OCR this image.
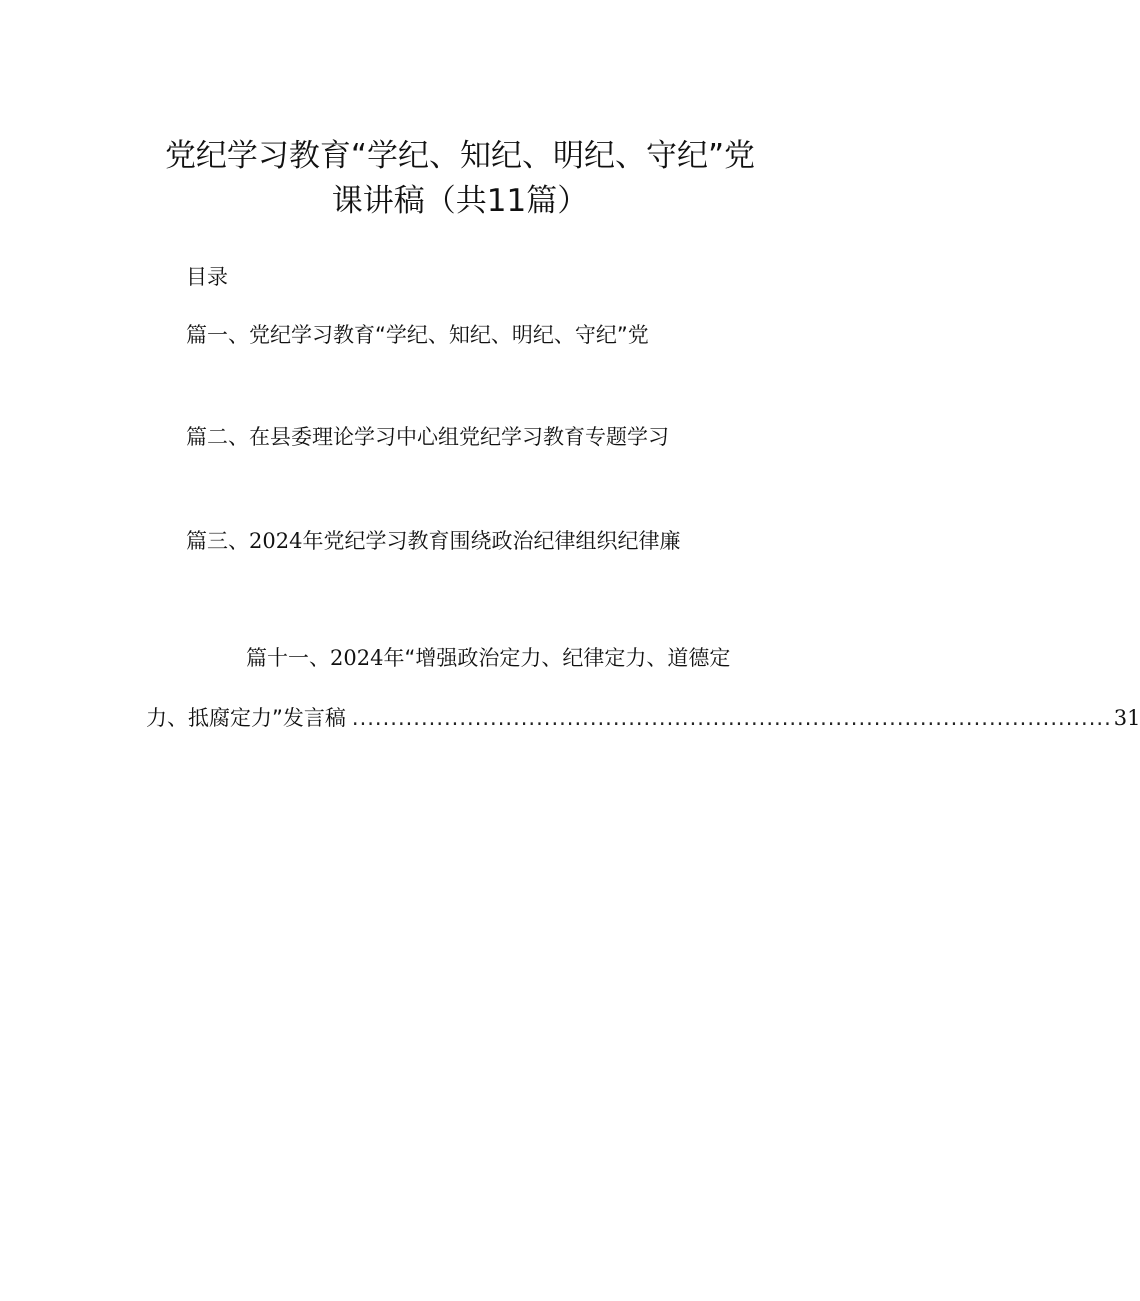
党纪学习教育“学纪、知纪、明纪、守纪”党
课讲稿（共11篇）
目录
篇一、党纪学习教育“学纪、知纪、明纪、守纪”党
篇二、在县委理论学习中心组党纪学习教育专题学习
篇三、2024年党纪学习教育围绕政治纪律组织纪律廉
篇十一、2024年“增强政治定力、纪律定力、道德定
力、抵腐定力”发言稿 ................................................................................................... 31
